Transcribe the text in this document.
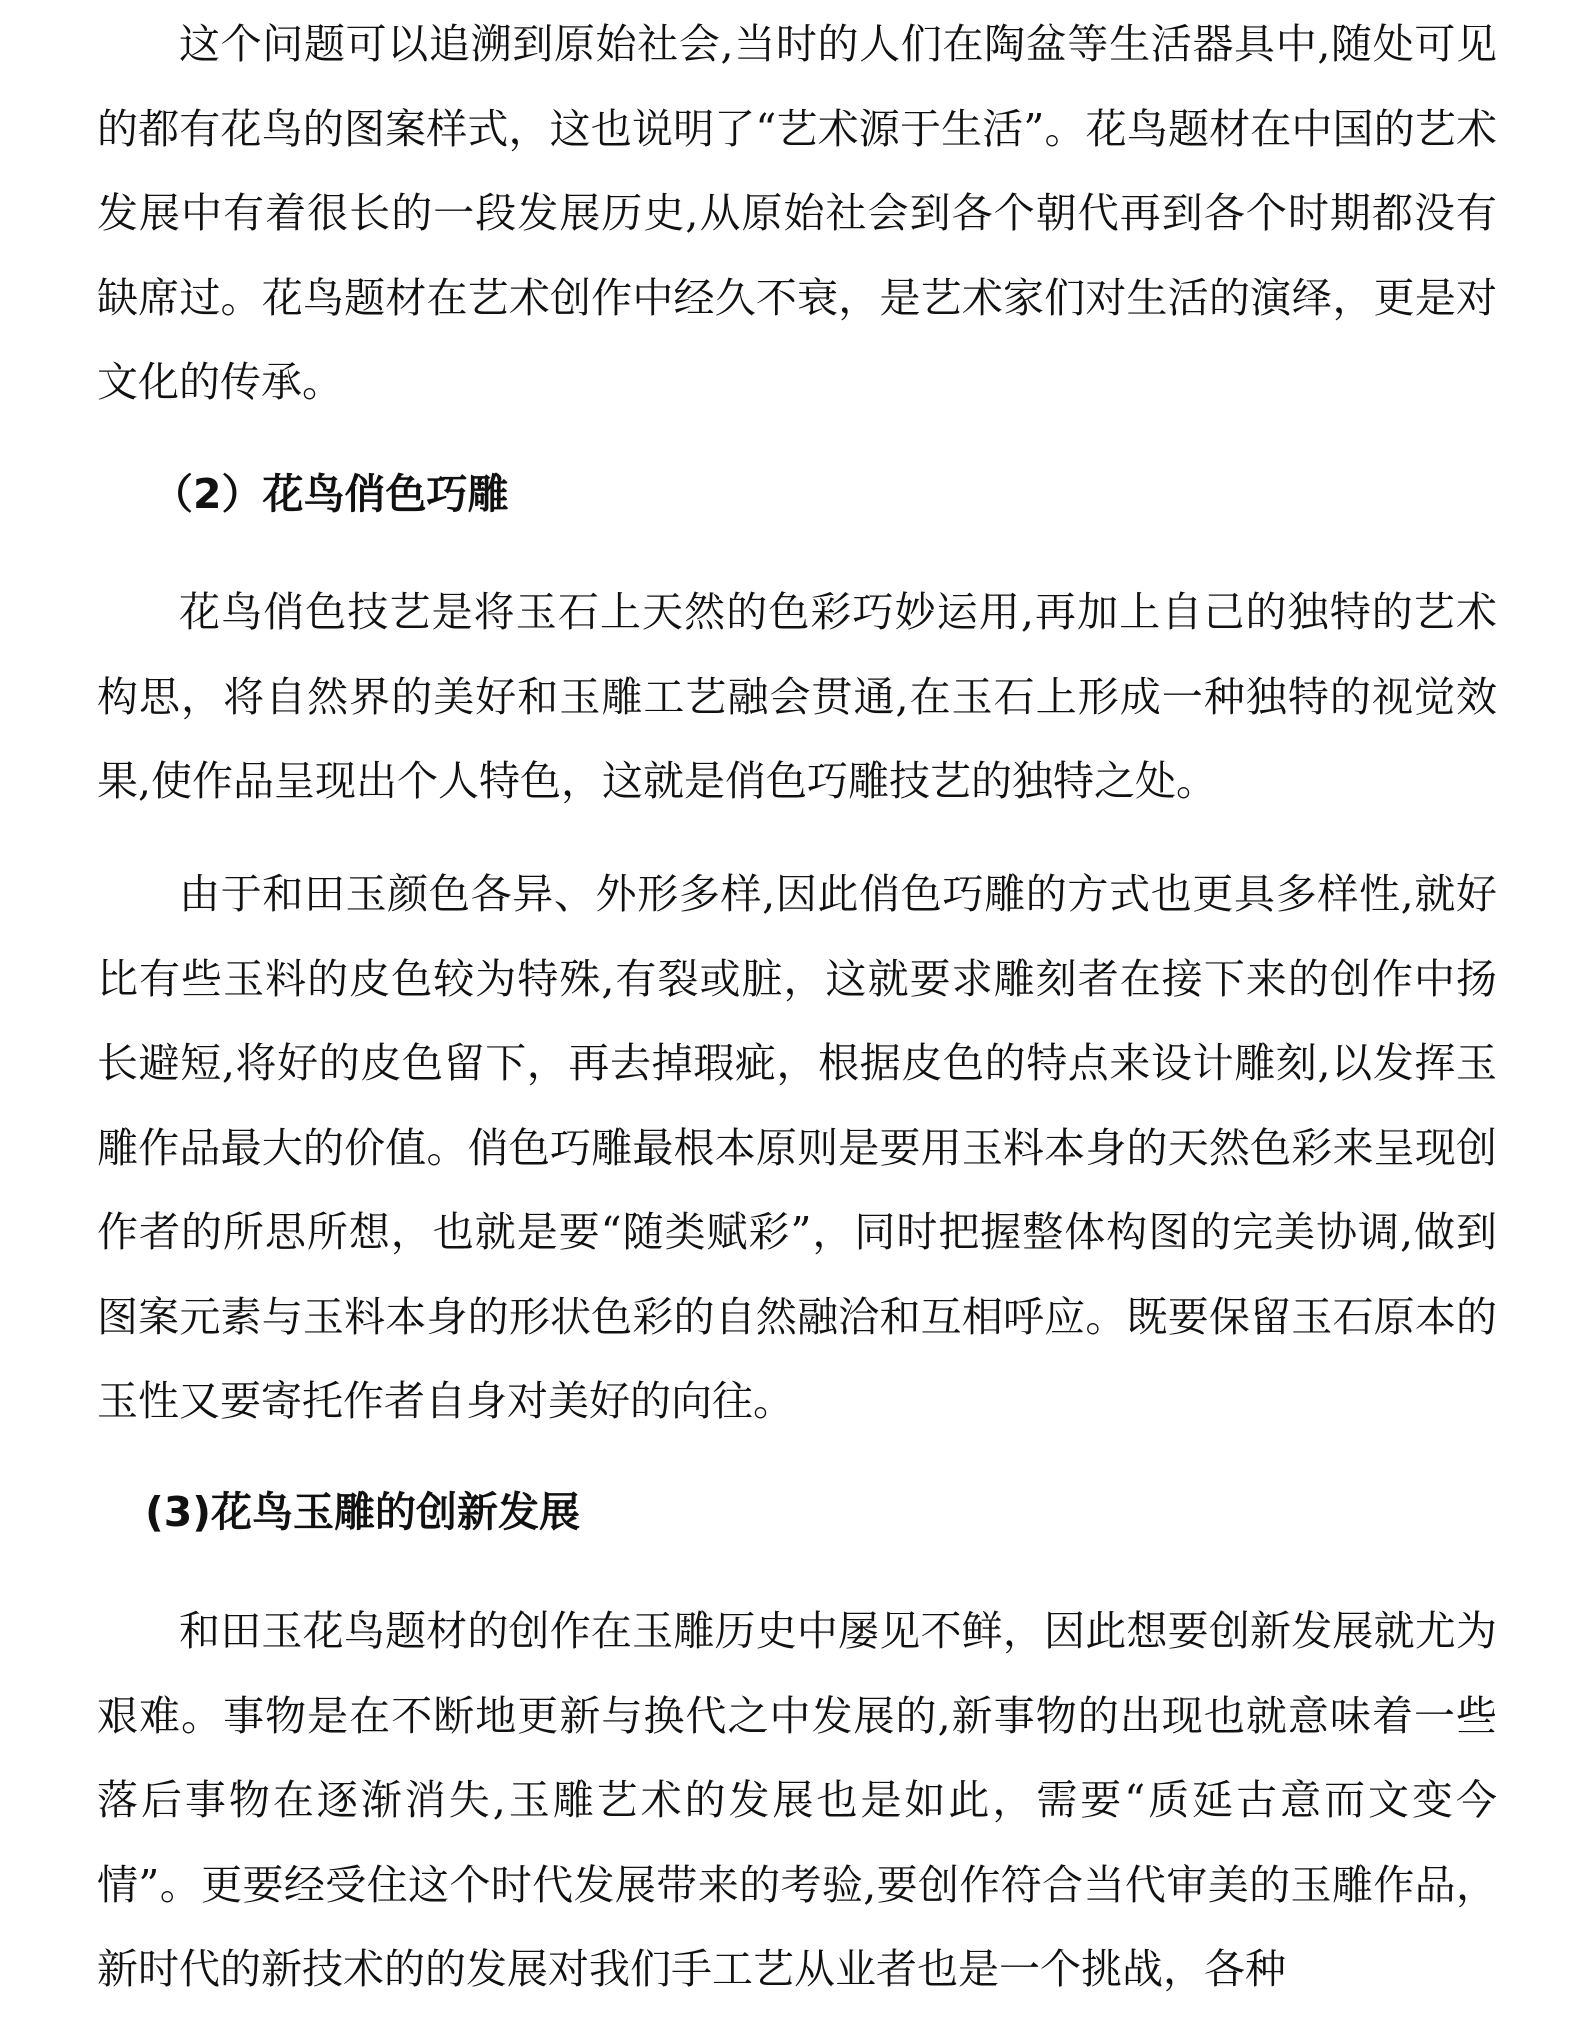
这个问题可以追溯到原始社会,当时的人们在陶盆等生活器具中,随处可见的都有花鸟的图案样式，这也说明了“艺术源于生活”。花鸟题材在中国的艺术发展中有着很长的一段发展历史,从原始社会到各个朝代再到各个时期都没有缺席过。花鸟题材在艺术创作中经久不衰，是艺术家们对生活的演绎，更是对文化的传承。

（2）花鸟俏色巧雕

花鸟俏色技艺是将玉石上天然的色彩巧妙运用,再加上自己的独特的艺术构思，将自然界的美好和玉雕工艺融会贯通,在玉石上形成一种独特的视觉效果,使作品呈现出个人特色，这就是俏色巧雕技艺的独特之处。

由于和田玉颜色各异、外形多样,因此俏色巧雕的方式也更具多样性,就好比有些玉料的皮色较为特殊,有裂或脏，这就要求雕刻者在接下来的创作中扬长避短,将好的皮色留下，再去掉瑕疵，根据皮色的特点来设计雕刻,以发挥玉雕作品最大的价值。俏色巧雕最根本原则是要用玉料本身的天然色彩来呈现创作者的所思所想，也就是要“随类赋彩”，同时把握整体构图的完美协调,做到图案元素与玉料本身的形状色彩的自然融洽和互相呼应。既要保留玉石原本的玉性又要寄托作者自身对美好的向往。

(3)花鸟玉雕的创新发展

和田玉花鸟题材的创作在玉雕历史中屡见不鲜，因此想要创新发展就尤为艰难。事物是在不断地更新与换代之中发展的,新事物的出现也就意味着一些落后事物在逐渐消失,玉雕艺术的发展也是如此，需要“质延古意而文变今情”。更要经受住这个时代发展带来的考验,要创作符合当代审美的玉雕作品，新时代的新技术的的发展对我们手工艺从业者也是一个挑战，各种
